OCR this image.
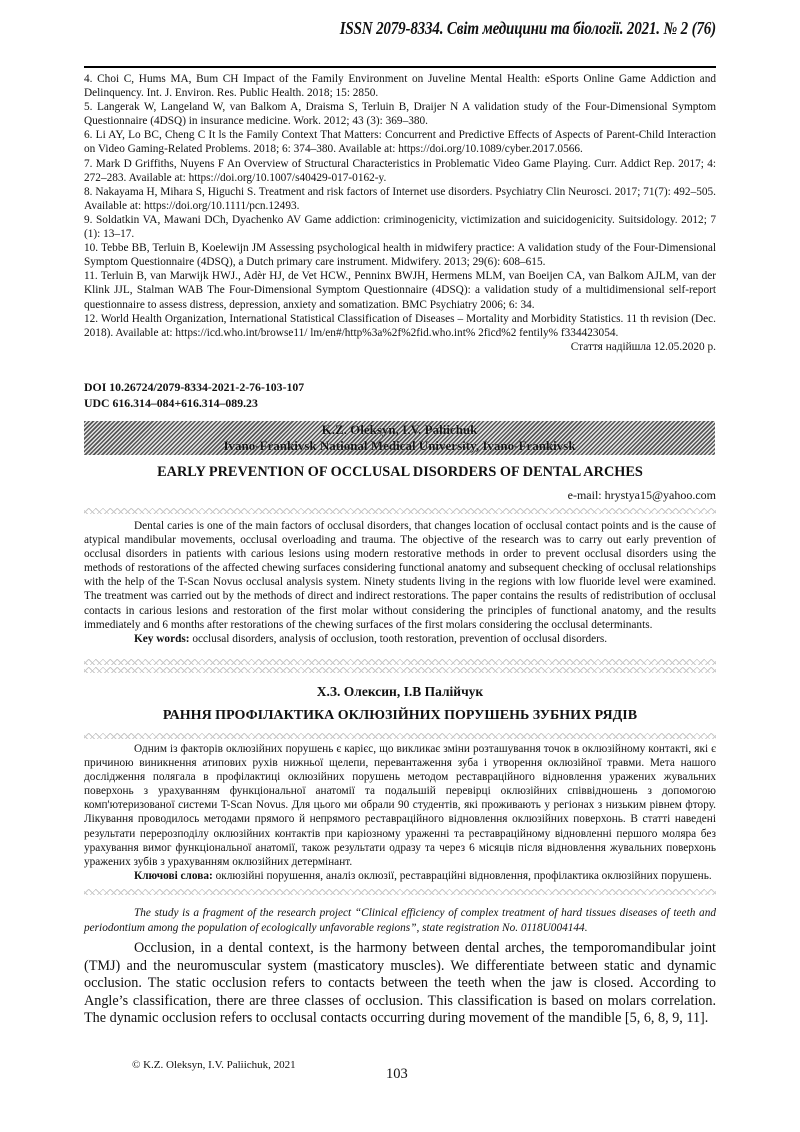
ISSN 2079-8334. Світ медицини та біології. 2021. № 2 (76)

4. Choi C, Hums MA, Bum CH Impact of the Family Environment on Juveline Mental Health: eSports Online Game Addiction and Delinquency. Int. J. Environ. Res. Public Health. 2018; 15: 2850.

5. Langerak W, Langeland W, van Balkom A, Draisma S, Terluin B, Draijer N A validation study of the Four-Dimensional Symptom Questionnaire (4DSQ) in insurance medicine. Work. 2012; 43 (3): 369–380.

6. Li AY, Lo BC, Cheng C It ls the Family Context That Matters: Concurrent and Predictive Effects of Aspects of Parent-Child Interaction on Video Gaming-Related Problems. 2018; 6: 374–380. Available at: https://doi.org/10.1089/cyber.2017.0566.

7. Mark D Griffiths, Nuyens F An Overview of Structural Characteristics in Problematic Video Game Playing. Curr. Addict Rep. 2017; 4: 272–283. Available at: https://doi.org/10.1007/s40429-017-0162-y.

8. Nakayama H, Mihara S, Higuchi S. Treatment and risk factors of Internet use disorders. Psychiatry Clin Neurosci. 2017; 71(7): 492–505. Available at: https://doi.org/10.1111/pcn.12493.

9. Soldatkin VA, Mawani DCh, Dyachenko AV Game addiction: criminogenicity, victimization and suicidogenicity. Suitsidology. 2012; 7 (1): 13–17.

10. Tebbe BB, Terluin B, Koelewijn JM Assessing psychological health in midwifery practice: A validation study of the Four-Dimensional Symptom Questionnaire (4DSQ), a Dutch primary care instrument. Midwifery. 2013; 29(6): 608–615.

11. Terluin B, van Marwijk HWJ., Adèr HJ, de Vet HCW., Penninx BWJH, Hermens MLM, van Boeijen CA, van Balkom AJLM, van der Klink JJL, Stalman WAB The Four-Dimensional Symptom Questionnaire (4DSQ): a validation study of a multidimensional self-report questionnaire to assess distress, depression, anxiety and somatization. BMC Psychiatry 2006; 6: 34.

12. World Health Organization, International Statistical Classification of Diseases – Mortality and Morbidity Statistics. 11 th revision (Dec. 2018). Available at: https://icd.who.int/browse11/ lm/en#/http%3a%2f%2fid.who.int% 2ficd%2 fentily% f334423054.

Стаття надійшла 12.05.2020 р.

DOI 10.26724/2079-8334-2021-2-76-103-107
UDC 616.314–084+616.314–089.23
K.Z. Oleksyn, I.V. Paliichuk
Ivano-Frankivsk National Medical University, Ivano-Frankivsk
EARLY PREVENTION OF OCCLUSAL DISORDERS OF DENTAL ARCHES
e-mail: hrystya15@yahoo.com

Dental caries is one of the main factors of occlusal disorders, that changes location of occlusal contact points and is the cause of atypical mandibular movements, occlusal overloading and trauma. The objective of the research was to carry out early prevention of occlusal disorders in patients with carious lesions using modern restorative methods in order to prevent occlusal disorders using the methods of restorations of the affected chewing surfaces considering functional anatomy and subsequent checking of occlusal relationships with the help of the T-Scan Novus occlusal analysis system. Ninety students living in the regions with low fluoride level were examined. The treatment was carried out by the methods of direct and indirect restorations. The paper contains the results of redistribution of occlusal contacts in carious lesions and restoration of the first molar without considering the principles of functional anatomy, and the results immediately and 6 months after restorations of the chewing surfaces of the first molars considering the occlusal determinants.

Key words: occlusal disorders, analysis of occlusion, tooth restoration, prevention of occlusal disorders.

Х.З. Олексин, І.В Палійчук
РАННЯ ПРОФІЛАКТИКА ОКЛЮЗІЙНИХ ПОРУШЕНЬ ЗУБНИХ РЯДІВ

Одним із факторів оклюзійних порушень є карієс, що викликає зміни розташування точок в оклюзійному контакті, які є причиною виникнення атипових рухів нижньої щелепи, перевантаження зуба і утворення оклюзійної травми. Мета нашого дослідження полягала в профілактиці оклюзійних порушень методом реставраційного відновлення уражених жувальних поверхонь з урахуванням функціональної анатомії та подальшій перевірці оклюзійних співвідношень з допомогою комп'ютеризованої системи T-Scan Novus. Для цього ми обрали 90 студентів, які проживають у регіонах з низьким рівнем фтору. Лікування проводилось методами прямого й непрямого реставраційного відновлення оклюзійних поверхонь. В статті наведені результати перерозподілу оклюзійних контактів при каріозному ураженні та реставраційному відновленні першого моляра без урахування вимог функціональної анатомії, також результати одразу та через 6 місяців після відновлення жувальних поверхонь уражених зубів з урахуванням оклюзійних детермінант.

Ключові слова: оклюзійні порушення, аналіз оклюзії, реставраційні відновлення, профілактика оклюзійних порушень.

The study is a fragment of the research project “Clinical efficiency of complex treatment of hard tissues diseases of teeth and periodontium among the population of ecologically unfavorable regions”, state registration No. 0118U004144.

Occlusion, in a dental context, is the harmony between dental arches, the temporomandibular joint (TMJ) and the neuromuscular system (masticatory muscles). We differentiate between static and dynamic occlusion. The static occlusion refers to contacts between the teeth when the jaw is closed. According to Angle’s classification, there are three classes of occlusion. This classification is based on molars correlation. The dynamic occlusion refers to occlusal contacts occurring during movement of the mandible [5, 6, 8, 9, 11].

© K.Z. Oleksyn, I.V. Paliichuk, 2021
103
